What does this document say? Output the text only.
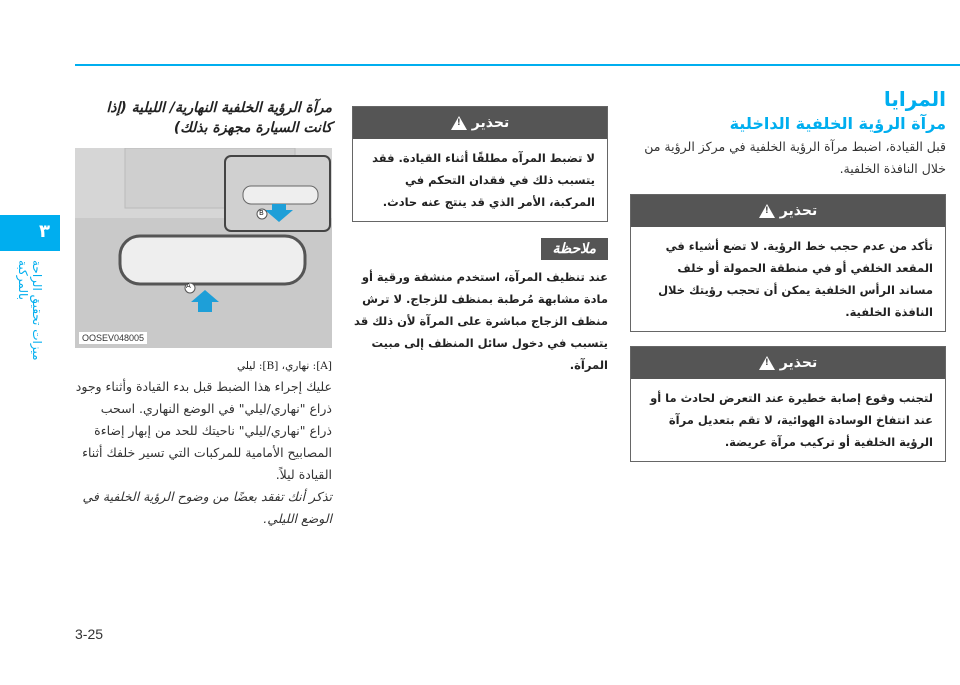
٣
ميزات تحقيق الراحة بالمركبة
3-25
المرايا
مرآة الرؤية الخلفية الداخلية
قبل القيادة، اضبط مرآة الرؤية الخلفية في مركز الرؤية من خلال النافذة الخلفية.
تحذير
!
تأكد من عدم حجب خط الرؤية. لا تضع أشياء في المقعد الخلفي أو في منطقة الحمولة أو خلف مساند الرأس الخلفية يمكن أن تحجب رؤيتك خلال النافذة الخلفية.
تحذير
!
لتجنب وقوع إصابة خطيرة عند التعرض لحادث ما أو عند انتفاخ الوسادة الهوائية، لا تقم بتعديل مرآة الرؤية الخلفية أو تركيب مرآة عريضة.
تحذير
!
لا تضبط المرآه مطلقًا أثناء القيادة. فقد يتسبب ذلك في فقدان التحكم في المركبة، الأمر الذي قد ينتج عنه حادث.
ملاحظة
عند تنظيف المرآة، استخدم منشفة ورقية أو مادة مشابهة مُرطبة بمنظف للزجاج. لا ترش منظف الزجاج مباشرة على المرآة لأن ذلك قد يتسبب في دخول سائل المنظف إلى مبيت المرآة.
مرآة الرؤية الخلفية النهارية/ الليلية (إذا كانت السيارة مجهزة بذلك)
A
B
OOSEV048005
[A]: نهاري، [B]: ليلي
عليك إجراء هذا الضبط قبل بدء القيادة وأثناء وجود ذراع "نهاري/ليلي" في الوضع النهاري. اسحب ذراع "نهاري/ليلي" ناحيتك للحد من إبهار إضاءة المصابيح الأمامية للمركبات التي تسير خلفك أثناء القيادة ليلاً.
تذكر أنك تفقد بعضًا من وضوح الرؤية الخلفية في الوضع الليلي.
